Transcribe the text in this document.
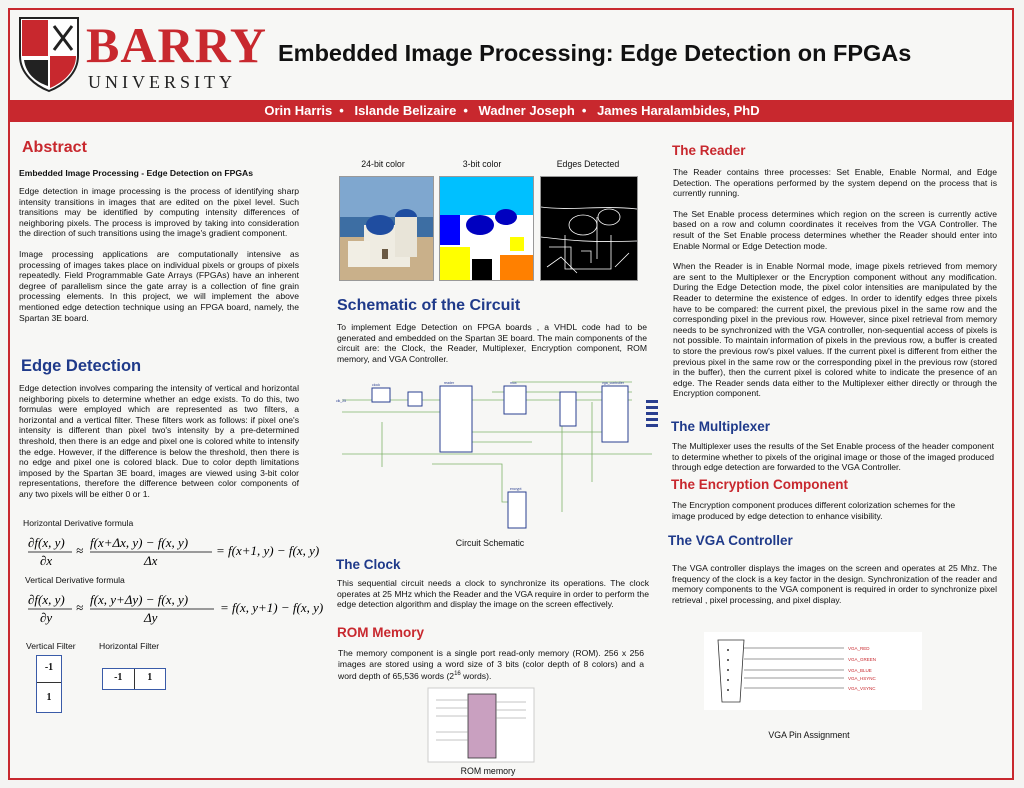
BARRY
UNIVERSITY
Embedded Image Processing: Edge Detection on FPGAs
Orin Harris • Islande Belizaire • Wadner Joseph • James Haralambides, PhD
Abstract
Embedded Image Processing - Edge Detection on FPGAs

Edge detection in image processing is the process of identifying sharp intensity transitions in images that are edited on the pixel level. Such transitions may be identified by computing intensity differences of neighboring pixels. The process is improved by taking into consideration the direction of such transitions using the image's gradient component.

Image processing applications are computationally intensive as processing of images takes place on individual pixels or groups of pixels repeatedly. Field Programmable Gate Arrays (FPGAs) have an inherent degree of parallelism since the gate array is a collection of fine grain processing elements. In this project, we will implement the above mentioned edge detection technique using an FPGA board, namely, the Spartan 3E board.

Edge Detection

Edge detection involves comparing the intensity of vertical and horizontal neighboring pixels to determine whether an edge exists. To do this, two formulas were employed which are represented as two filters, a horizontal and a vertical filter. These filters work as follows: if pixel one's intensity is different than pixel two's intensity by a pre-determined threshold, then there is an edge and pixel one is colored white to intensify the edge. However, if the difference is below the threshold, then there is no edge and pixel one is colored black. Due to color depth limitations imposed by the Spartan 3E board, images are viewed using 3-bit color representations, therefore the difference between color components of any two pixels will be either 0 or 1.

Horizontal Derivative formula
∂f(x, y)
∂x
≈
f(x+Δx, y) − f(x, y)
Δx
= f(x+1, y) − f(x, y)
Vertical Derivative formula
∂f(x, y)
∂y
≈
f(x, y+Δy) − f(x, y)
Δy
= f(x, y+1) − f(x, y)
Vertical Filter	Horizontal Filter
-1
1
-1	1
24-bit color	3-bit color	Edges Detected
Schematic of the Circuit

To implement Edge Detection on FPGA boards , a VHDL code had to be generated and embedded on the Spartan 3E board. The main components of the circuit are: the Clock, the Reader, Multiplexer, Encryption component, ROM memory, and VGA Controller.

clk_25
reader	mux	vga_controller
encrypt
clock
Circuit Schematic
The Clock

This sequential circuit needs a clock to synchronize its operations. The clock operates at 25 MHz which the Reader and the VGA require in order to perform the edge detection algorithm and display the image on the screen effectively.

ROM Memory

The memory component is a single port read-only memory (ROM). 256 x 256 images are stored using a word size of 3 bits (color depth of 8 colors) and a word depth of 65,536 words ($2^{16}$ words).

ROM memory
The Reader

The Reader contains three processes: Set Enable, Enable Normal, and Edge Detection. The operations performed by the system depend on the process that is currently running.

The Set Enable process determines which region on the screen is currently active based on a row and column coordinates it receives from the VGA Controller. The result of the Set Enable process determines whether the Reader should enter into Enable Normal or Edge Detection mode.

When the Reader is in Enable Normal mode, image pixels retrieved from memory are sent to the Multiplexer or the Encryption component without any modification. During the Edge Detection mode, the pixel color intensities are manipulated by the Reader to determine the existence of edges. In order to identify edges three pixels have to be compared: the current pixel, the previous pixel in the same row and the corresponding pixel in the previous row. However, since pixel retrieval from memory needs to be synchronized with the VGA controller, non-sequential access of pixels is not possible. To maintain information of pixels in the previous row, a buffer is created to store the previous row's pixel values. If the current pixel is different from either the previous pixel in the same row or the corresponding pixel in the previous row (stored in the buffer), then the current pixel is colored white to indicate the presence of an edge. The Reader sends data either to the Multiplexer either directly or through the Encryption component.

The Multiplexer

The Multiplexer uses the results of the Set Enable process of the header component to determine whether to pixels of the original image or those of the imaged produced through edge detection are forwarded to the VGA Controller.

The Encryption Component

The Encryption component produces different colorization schemes for the image produced by edge detection to enhance visibility.

The VGA Controller

The VGA controller displays the images on the screen and operates at 25 Mhz. The frequency of the clock is a key factor in the design. Synchronization of the reader and memory components to the VGA component is required in order to synchronize pixel retrieval , pixel processing, and pixel display.

VGA_RED
VGA_GREEN
VGA_BLUE
VGA_HSYNC
VGA_VSYNC
VGA Pin Assignment
